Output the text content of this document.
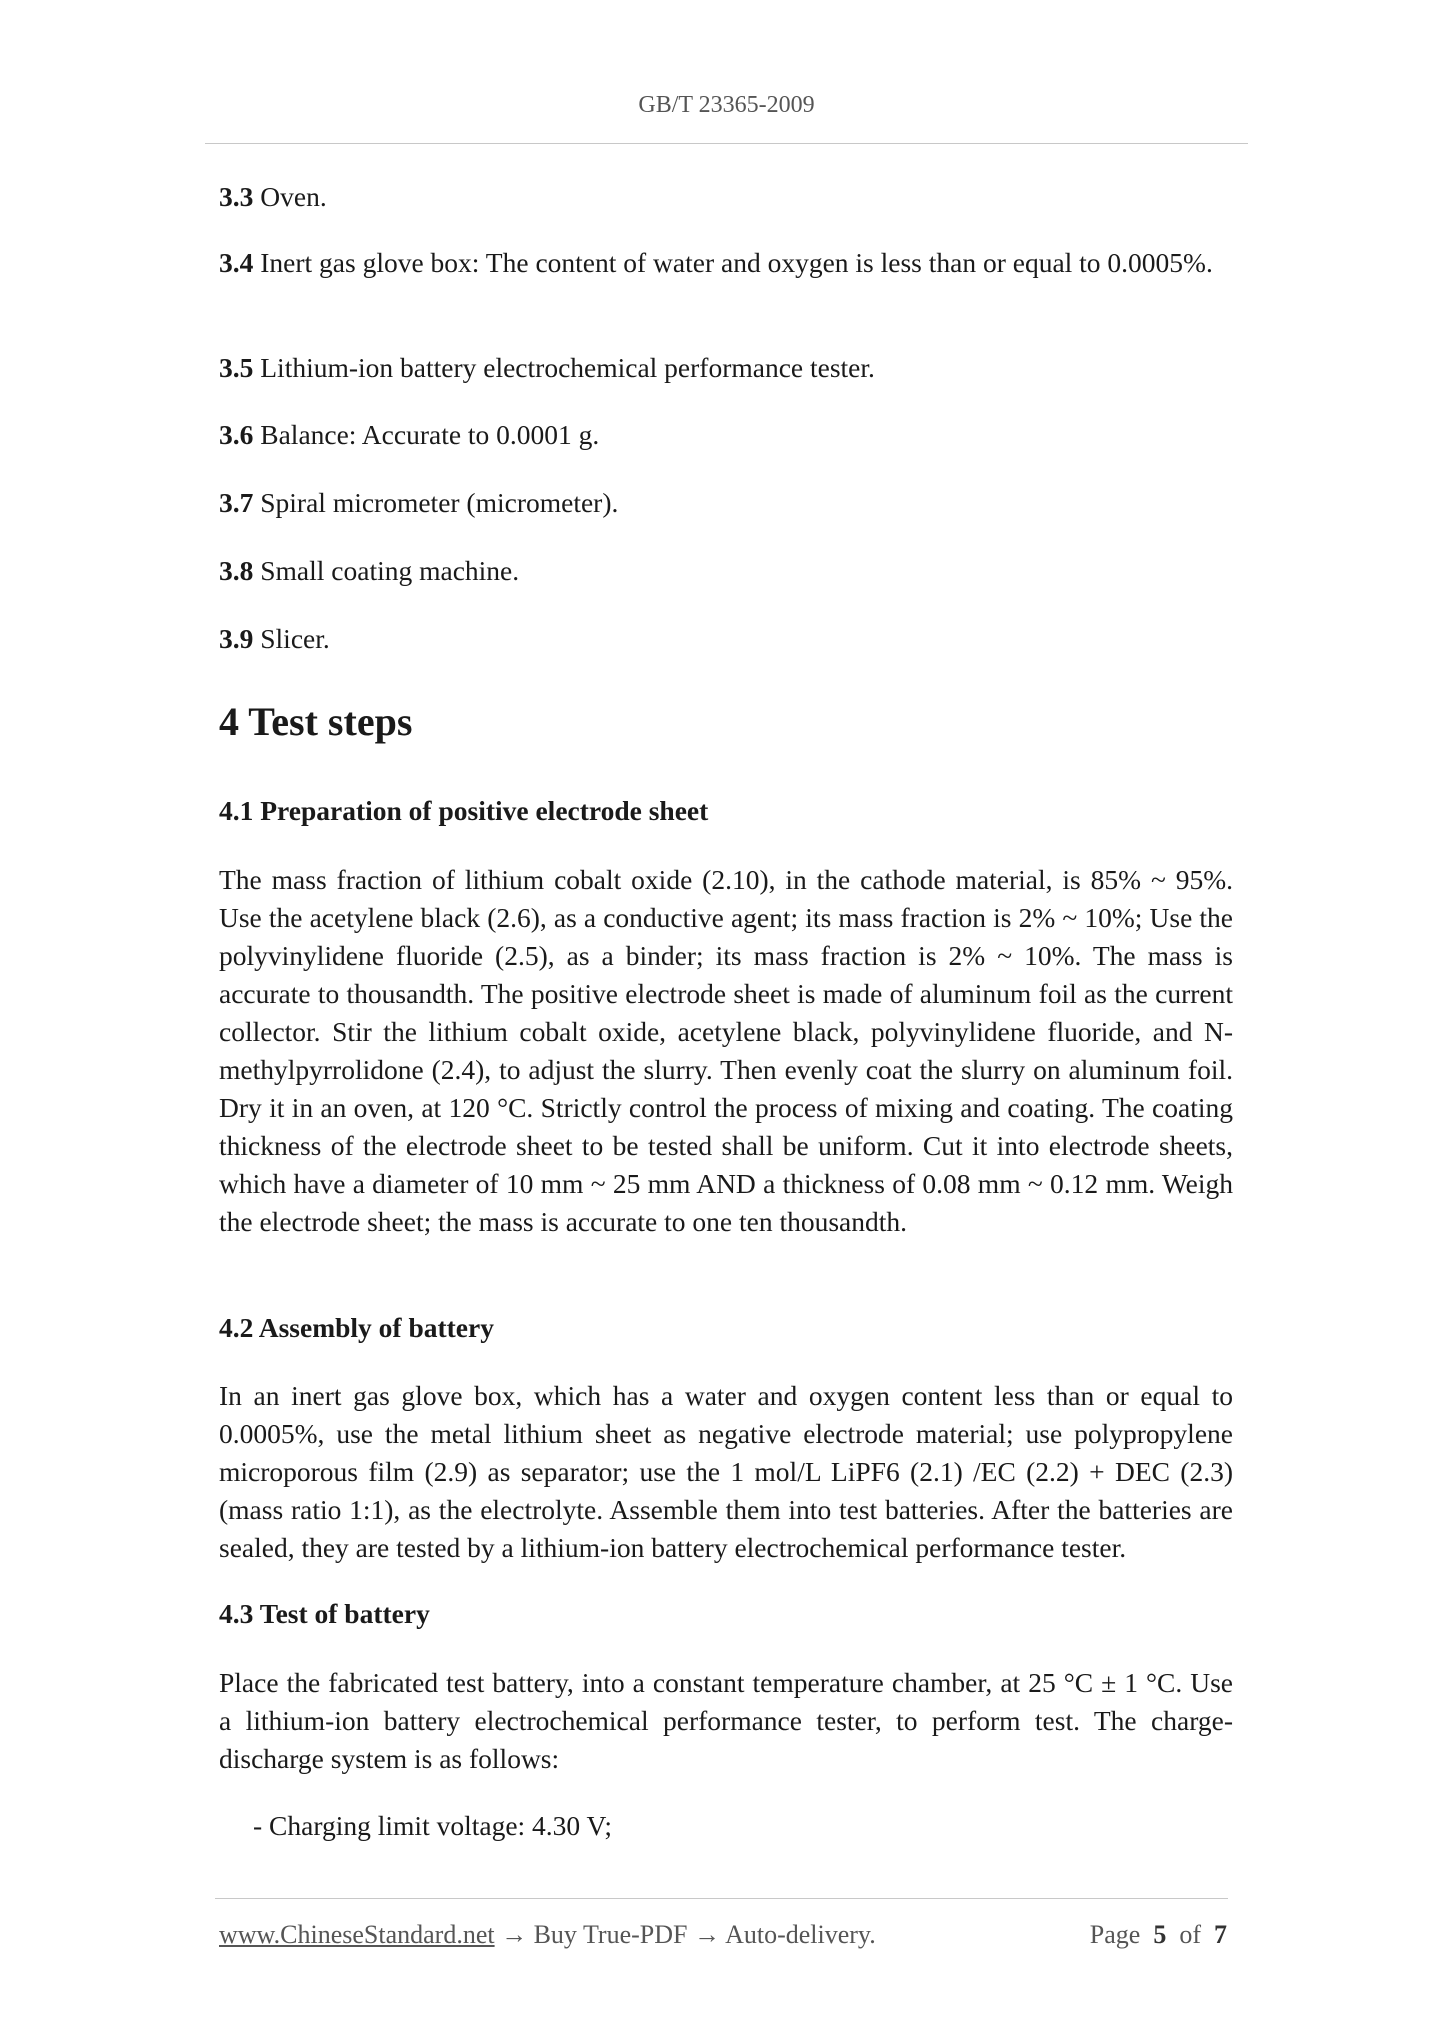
GB/T 23365-2009

3.3 Oven.

3.4 Inert gas glove box: The content of water and oxygen is less than or equal to 0.0005%.

3.5 Lithium-ion battery electrochemical performance tester.

3.6 Balance: Accurate to 0.0001 g.

3.7 Spiral micrometer (micrometer).

3.8 Small coating machine.

3.9 Slicer.

4 Test steps
4.1 Preparation of positive electrode sheet

The mass fraction of lithium cobalt oxide (2.10), in the cathode material, is 85% ~ 95%. Use the acetylene black (2.6), as a conductive agent; its mass fraction is 2% ~ 10%; Use the polyvinylidene fluoride (2.5), as a binder; its mass fraction is 2% ~ 10%. The mass is accurate to thousandth. The positive electrode sheet is made of aluminum foil as the current collector. Stir the lithium cobalt oxide, acetylene black, polyvinylidene fluoride, and N-methylpyrrolidone (2.4), to adjust the slurry. Then evenly coat the slurry on aluminum foil. Dry it in an oven, at 120 °C. Strictly control the process of mixing and coating. The coating thickness of the electrode sheet to be tested shall be uniform. Cut it into electrode sheets, which have a diameter of 10 mm ~ 25 mm AND a thickness of 0.08 mm ~ 0.12 mm. Weigh the electrode sheet; the mass is accurate to one ten thousandth.

4.2 Assembly of battery

In an inert gas glove box, which has a water and oxygen content less than or equal to 0.0005%, use the metal lithium sheet as negative electrode material; use polypropylene microporous film (2.9) as separator; use the 1 mol/L LiPF6 (2.1) /EC (2.2) + DEC (2.3) (mass ratio 1:1), as the electrolyte. Assemble them into test batteries. After the batteries are sealed, they are tested by a lithium-ion battery electrochemical performance tester.

4.3 Test of battery

Place the fabricated test battery, into a constant temperature chamber, at 25 °C ± 1 °C. Use a lithium-ion battery electrochemical performance tester, to perform test. The charge-discharge system is as follows:

- Charging limit voltage: 4.30 V;

www.ChineseStandard.net → Buy True-PDF → Auto-delivery.	Page 5 of 7
